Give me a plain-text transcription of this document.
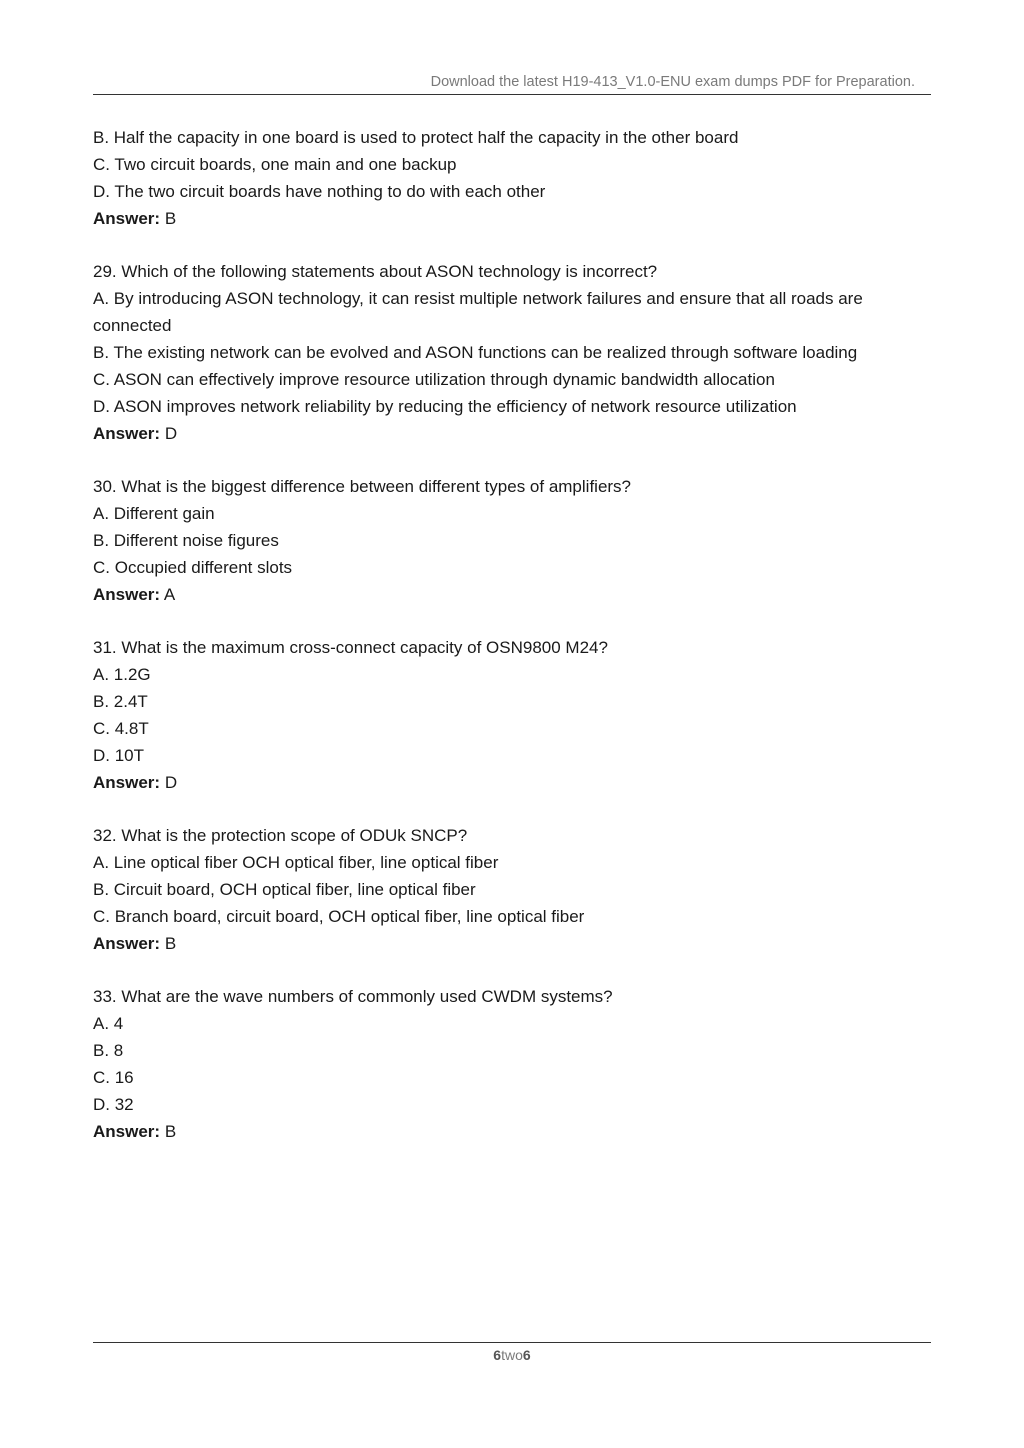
Download the latest H19-413_V1.0-ENU exam dumps PDF for Preparation.
B. Half the capacity in one board is used to protect half the capacity in the other board
C. Two circuit boards, one main and one backup
D. The two circuit boards have nothing to do with each other
Answer: B
29. Which of the following statements about ASON technology is incorrect?
A. By introducing ASON technology, it can resist multiple network failures and ensure that all roads are connected
B. The existing network can be evolved and ASON functions can be realized through software loading
C. ASON can effectively improve resource utilization through dynamic bandwidth allocation
D. ASON improves network reliability by reducing the efficiency of network resource utilization
Answer: D
30. What is the biggest difference between different types of amplifiers?
A. Different gain
B. Different noise figures
C. Occupied different slots
Answer: A
31. What is the maximum cross-connect capacity of OSN9800 M24?
A. 1.2G
B. 2.4T
C. 4.8T
D. 10T
Answer: D
32. What is the protection scope of ODUk SNCP?
A. Line optical fiber OCH optical fiber, line optical fiber
B. Circuit board, OCH optical fiber, line optical fiber
C. Branch board, circuit board, OCH optical fiber, line optical fiber
Answer: B
33. What are the wave numbers of commonly used CWDM systems?
A. 4
B. 8
C. 16
D. 32
Answer: B
6two6
